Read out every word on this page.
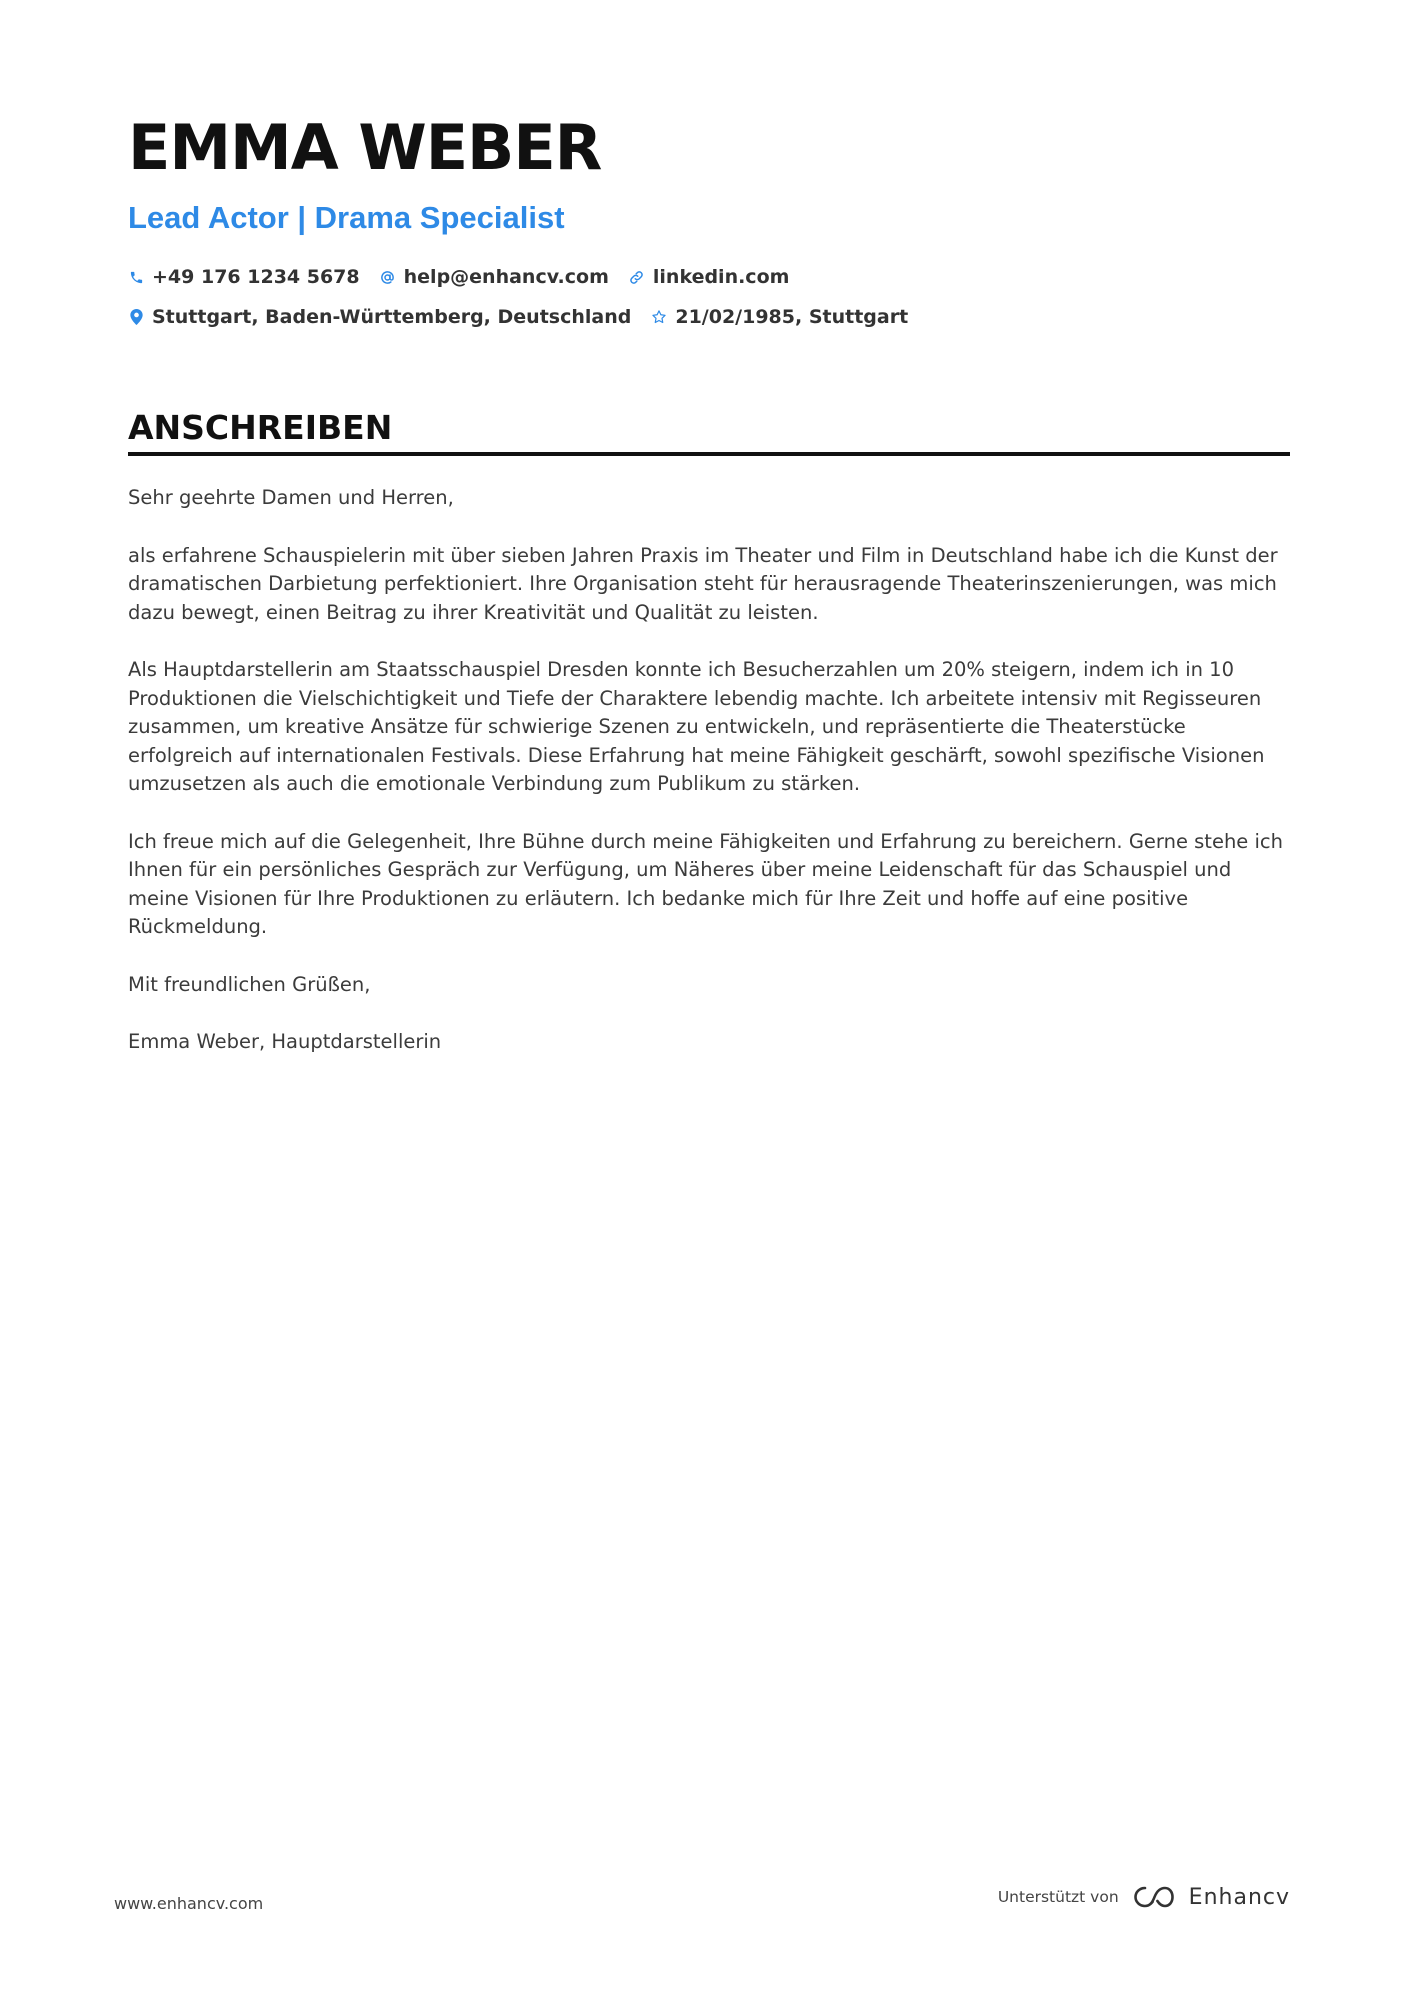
EMMA WEBER
Lead Actor | Drama Specialist
+49 176 1234 5678 help@enhancv.com linkedin.com
Stuttgart, Baden-Württemberg, Deutschland 21/02/1985, Stuttgart
ANSCHREIBEN

Sehr geehrte Damen und Herren,

als erfahrene Schauspielerin mit über sieben Jahren Praxis im Theater und Film in Deutschland habe ich die Kunst der dramatischen Darbietung perfektioniert. Ihre Organisation steht für herausragende Theaterinszenierungen, was mich dazu bewegt, einen Beitrag zu ihrer Kreativität und Qualität zu leisten.

Als Hauptdarstellerin am Staatsschauspiel Dresden konnte ich Besucherzahlen um 20% steigern, indem ich in 10 Produktionen die Vielschichtigkeit und Tiefe der Charaktere lebendig machte. Ich arbeitete intensiv mit Regisseuren zusammen, um kreative Ansätze für schwierige Szenen zu entwickeln, und repräsentierte die Theaterstücke erfolgreich auf internationalen Festivals. Diese Erfahrung hat meine Fähigkeit geschärft, sowohl spezifische Visionen umzusetzen als auch die emotionale Verbindung zum Publikum zu stärken.

Ich freue mich auf die Gelegenheit, Ihre Bühne durch meine Fähigkeiten und Erfahrung zu bereichern. Gerne stehe ich Ihnen für ein persönliches Gespräch zur Verfügung, um Näheres über meine Leidenschaft für das Schauspiel und meine Visionen für Ihre Produktionen zu erläutern. Ich bedanke mich für Ihre Zeit und hoffe auf eine positive Rückmeldung.

Mit freundlichen Grüßen,

Emma Weber, Hauptdarstellerin

www.enhancv.com	Unterstützt von	Enhancv
